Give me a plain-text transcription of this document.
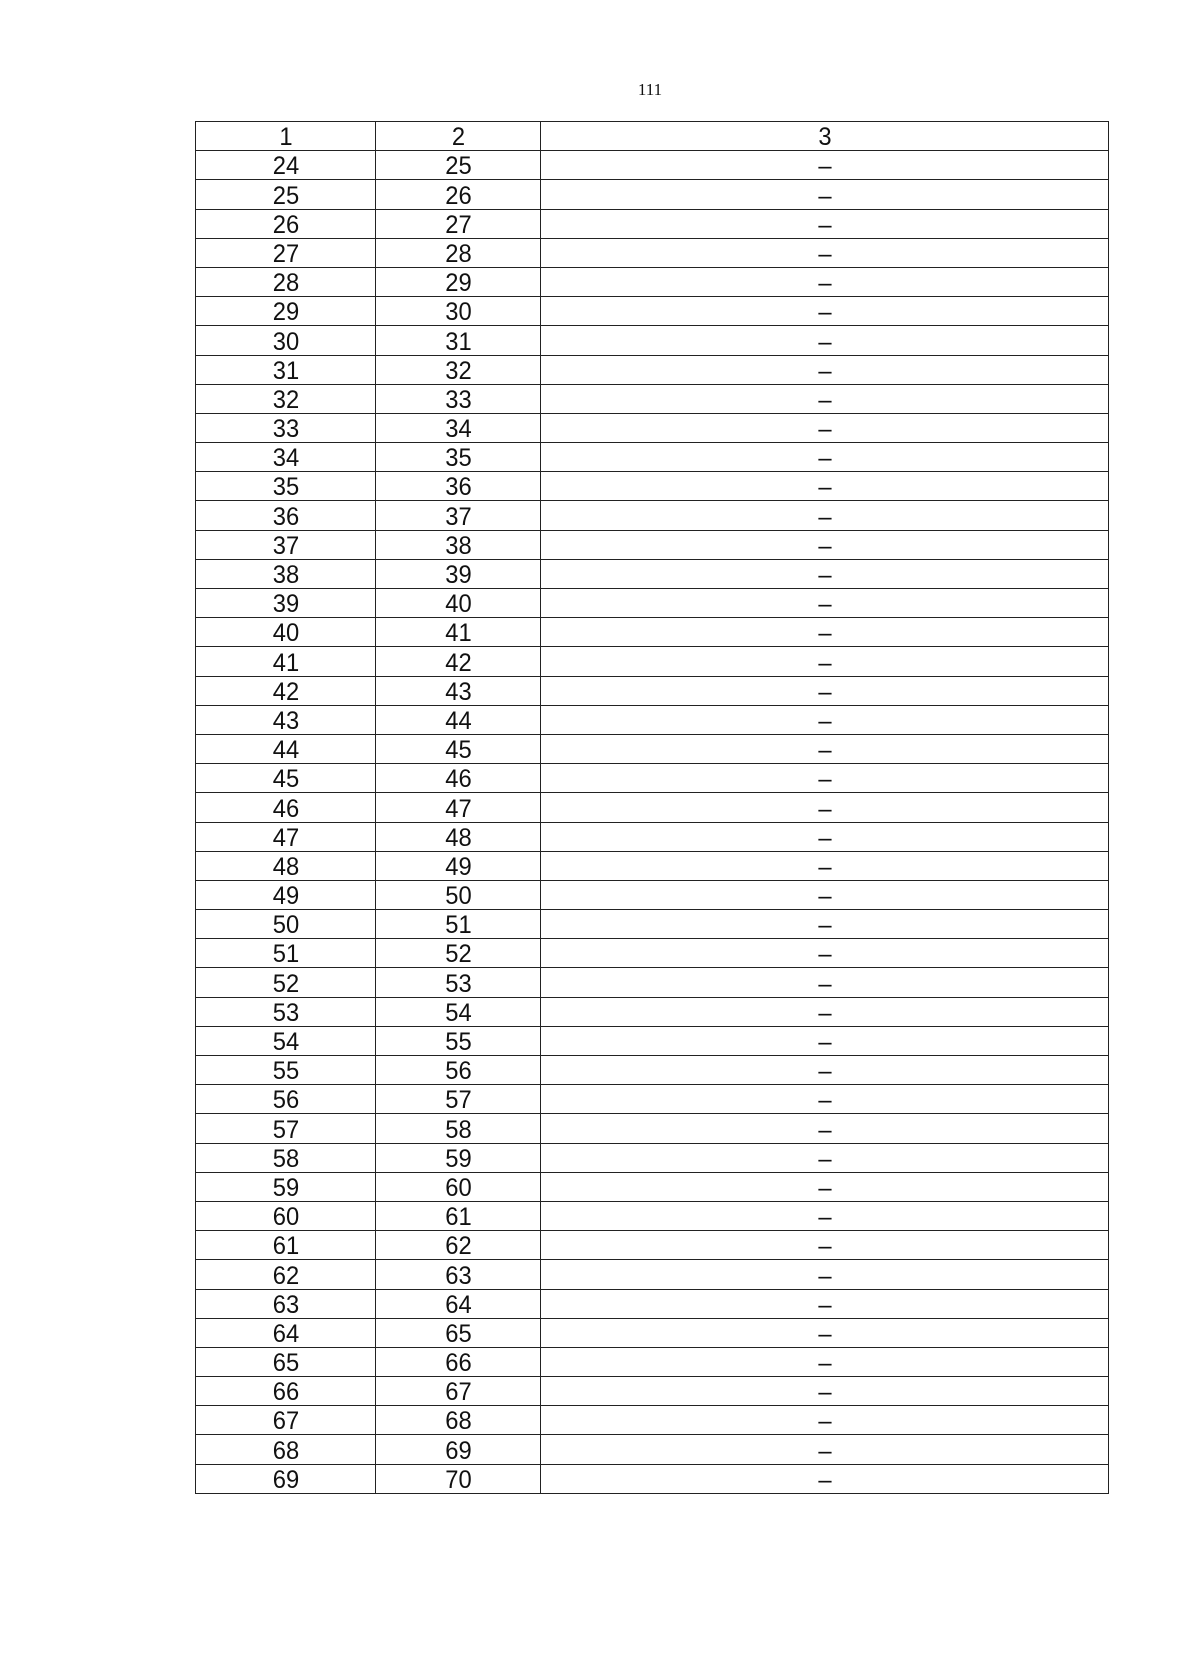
111
1	2	3
24	25	–
25	26	–
26	27	–
27	28	–
28	29	–
29	30	–
30	31	–
31	32	–
32	33	–
33	34	–
34	35	–
35	36	–
36	37	–
37	38	–
38	39	–
39	40	–
40	41	–
41	42	–
42	43	–
43	44	–
44	45	–
45	46	–
46	47	–
47	48	–
48	49	–
49	50	–
50	51	–
51	52	–
52	53	–
53	54	–
54	55	–
55	56	–
56	57	–
57	58	–
58	59	–
59	60	–
60	61	–
61	62	–
62	63	–
63	64	–
64	65	–
65	66	–
66	67	–
67	68	–
68	69	–
69	70	–
